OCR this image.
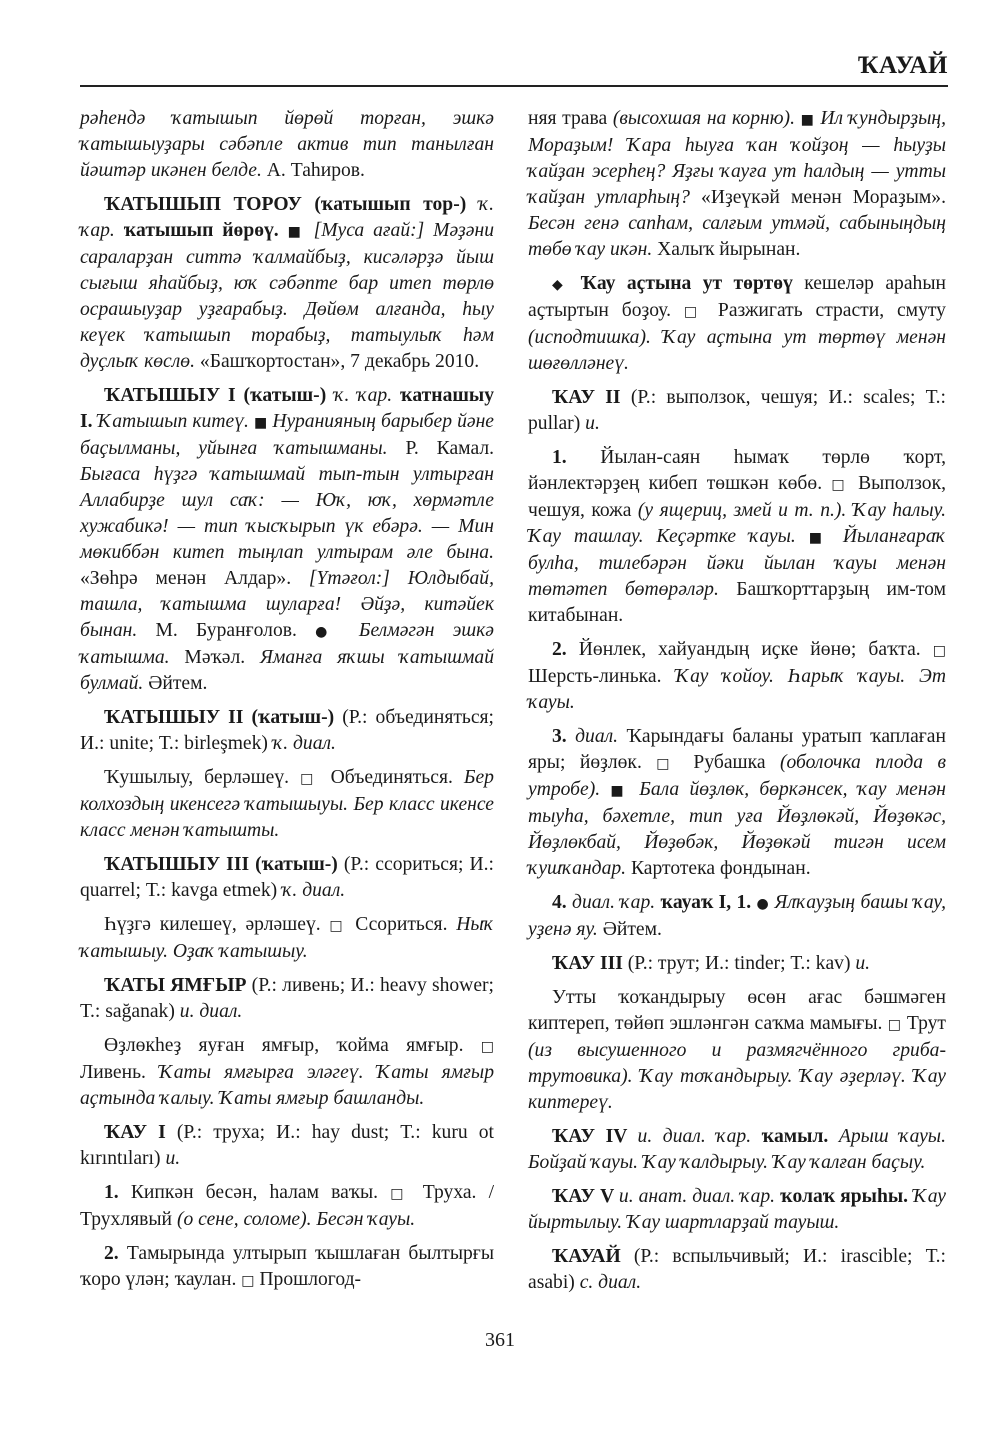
ҠАУАЙ

рәһендә ҡатышып йөрөй торған, эшкә ҡатышыуҙары сәбәпле актив тип танылған йәштәр икәнен белде. А. Таһиров.

ҠАТЫШЫП ТОРОУ (ҡатышып тор-) ҡ. ҡар. ҡатышып йөрөү. ■ [Муса ағай:] Мәҙәни саралар​ҙан ситтә ҡалмайбыҙ, кисәләрҙә йыш сығыш яһайбыҙ, юҡ сәбәпте бар итеп төрлө осрашыуҙар уҙғарабыҙ. Дөйөм алғанда, һыу кеүек ҡатышып торабыҙ, татыулыҡ һәм дуҫлыҡ көслө. «Башҡортостан», 7 декабрь 2010.

ҠАТЫШЫУ I (ҡатыш-) ҡ. ҡар. ҡатнашыу I. Ҡатышып китеү. ■ Нуранияның барыбер йәне баҫылманы, уйынға ҡатышманы. Р. Камал. Бығаса һүҙгә ҡатышмай тып-тын ултырған Аллабирҙе шул саҡ: — Юҡ, юҡ, хөрмәтле хужабикә! — тип ҡысҡырып үк ебәрә. — Мин мөкиббән китеп тыңлап ултырам әле бына. «Зөһрә менән Алдар». [Үтәғол:] Юлдыбай, ташла, ҡатышма шуларға! Әйҙә, китәйек бынан. М. Буранғолов. ● Белмәгән эшкә ҡатышма. Мәҡәл. Яманға яҡшы ҡатышмай булмай. Әйтем.

ҠАТЫШЫУ II (ҡатыш-) (Р.: объединяться; И.: unite; Т.: birleşmek) ҡ. диал.

Ҡушылыу, берләшеү. □ Объединяться. Бер колхоздың икенсегә ҡатышыуы. Бер класс икенсе класс менән ҡатышты.

ҠАТЫШЫУ III (ҡатыш-) (Р.: ссориться; И.: quarrel; Т.: kavga etmek) ҡ. диал.

Һүҙгә килешеү, әрләшеү. □ Ссориться. Ныҡ ҡатышыу. Оҙаҡ ҡатышыу.

ҠАТЫ ЯМҒЫР (Р.: ливень; И.: heavy shower; Т.: sağanak) и. диал.

Өҙлөкһеҙ яуған ямғыр, ҡойма ямғыр. □ Ливень. Ҡаты ямғырға эләгеү. Ҡаты ямғыр аҫтында ҡалыу. Ҡаты ямғыр башланды.

ҠАУ I (Р.: труха; И.: hay dust; Т.: kuru ot kırıntıları) и.

1. Кипкән бесән, һалам ваҡы. □ Труха. / Трухлявый (о сене, соломе). Бесән ҡауы.

2. Тамырында ултырып ҡышлаған былтырғы ҡоро үлән; ҡаулан. □ Прошлогод-

няя трава (высохшая на корню). ■ Ил ҡундырҙың, Мораҙым! Ҡара һыуға ҡан ҡойҙоң — һыуҙы ҡайҙан эсерһең? Яҙғы ҡауға ут һалдың — утты ҡайҙан утларһың? «Иҙеүкәй менән Мораҙым». Бесән генә сапһам, салғым утмәй, сабыныңдың төбө ҡау икән. Халыҡ йырынан.

◆ Ҡау аҫтына ут төртөү кешеләр араһын аҫтыртын боҙоу. □ Разжигать страсти, смуту (исподтишка). Ҡау аҫтына ут төртөү менән шөғөлләнеү.

ҠАУ II (Р.: выползок, чешуя; И.: scales; Т.: pullar) и.

1. Йылан-саян һымаҡ төрлө ҡорт, йәнлектәрҙең кибеп төшкән көбө. □ Выползок, чешуя, кожа (у ящериц, змей и т. п.). Ҡау һалыу. Ҡау ташлау. Кеҫәртке ҡауы. ■ Йыланғараҡ булһа, тилебәрән йәки йылан ҡауы менән төтәтеп бөтөрәләр. Башҡорттарҙың им-том китабынан.

2. Йөнлек, хайуандың иҫке йөнө; баҡта. □ Шерсть-линька. Ҡау ҡойоу. Һарыҡ ҡауы. Эт ҡауы.

3. диал. Ҡарындағы баланы уратып ҡаплаған яры; йөҙлөк. □ Рубашка (оболочка плода в утробе). ■ Бала йөҙлөк, бөркәнсек, ҡау менән тыуһа, бәхетле, тип уға Йөҙлөкәй, Йөҙөкәс, Йөҙлөкбай, Йөҙөбәк, Йөҙөкәй тигән исем ҡушҡандар. Картотека фондынан.

4. диал. ҡар. ҡауаҡ I, 1. ● Ялҡауҙың башы ҡау, уҙенә яу. Әйтем.

ҠАУ III (Р.: трут; И.: tinder; Т.: kav) и.

Утты ҡоҡандырыу өсөн ағас бәшмәген киптереп, төйөп эшләнгән саҡма мамығы. □ Трут (из высушенного и размягчённого гриба-трутовика). Ҡау тоҡандырыу. Ҡау әҙерләү. Ҡау киптереү.

ҠАУ IV и. диал. ҡар. ҡамыл. Арыш ҡауы. Бойҙай ҡауы. Ҡау ҡалдырыу. Ҡау ҡалған баҫыу.

ҠАУ V и. анат. диал. ҡар. ҡолаҡ ярыһы. Ҡау йыртылыу. Ҡау шартларҙай тауыш.

ҠАУАЙ (Р.: вспыльчивый; И.: irascible; Т.: asabi) с. диал.

361
